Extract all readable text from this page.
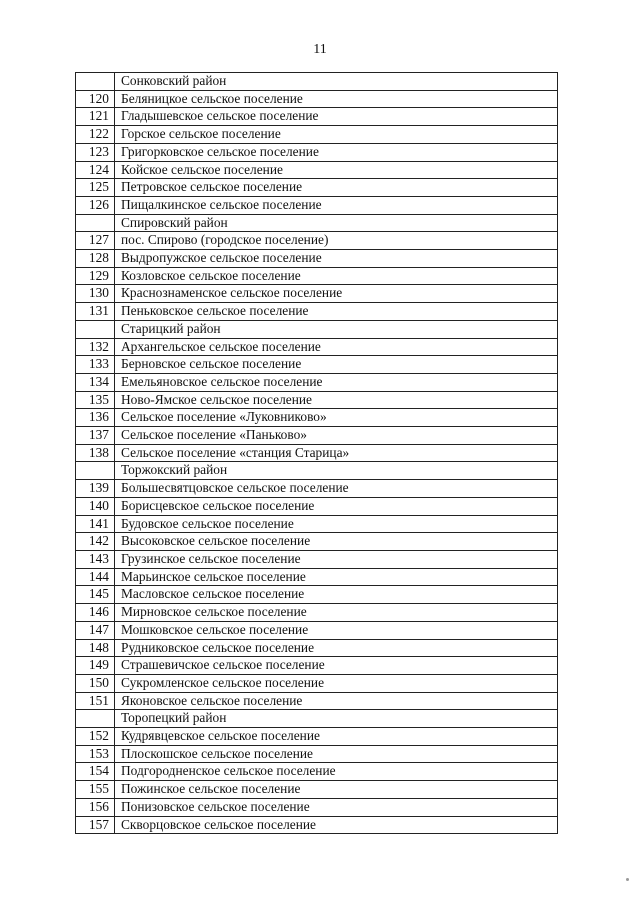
11
	Сонковский район
120	Беляницкое сельское поселение
121	Гладышевское сельское поселение
122	Горское сельское поселение
123	Григорковское сельское поселение
124	Койское сельское поселение
125	Петровское сельское поселение
126	Пищалкинское сельское поселение
	Спировский район
127	пос. Спирово (городское поселение)
128	Выдропужское сельское поселение
129	Козловское сельское поселение
130	Краснознаменское сельское поселение
131	Пеньковское сельское поселение
	Старицкий район
132	Архангельское сельское поселение
133	Берновское сельское поселение
134	Емельяновское сельское поселение
135	Ново-Ямское сельское поселение
136	Сельское поселение «Луковниково»
137	Сельское поселение «Паньково»
138	Сельское поселение «станция Старица»
	Торжокский район
139	Большесвятцовское сельское поселение
140	Борисцевское сельское поселение
141	Будовское сельское поселение
142	Высоковское сельское поселение
143	Грузинское сельское поселение
144	Марьинское сельское поселение
145	Масловское сельское поселение
146	Мирновское сельское поселение
147	Мошковское сельское поселение
148	Рудниковское сельское поселение
149	Страшевичское сельское поселение
150	Сукромленское сельское поселение
151	Яконовское сельское поселение
	Торопецкий район
152	Кудрявцевское сельское поселение
153	Плоскошское сельское поселение
154	Подгородненское сельское поселение
155	Пожинское сельское поселение
156	Понизовское сельское поселение
157	Скворцовское сельское поселение
